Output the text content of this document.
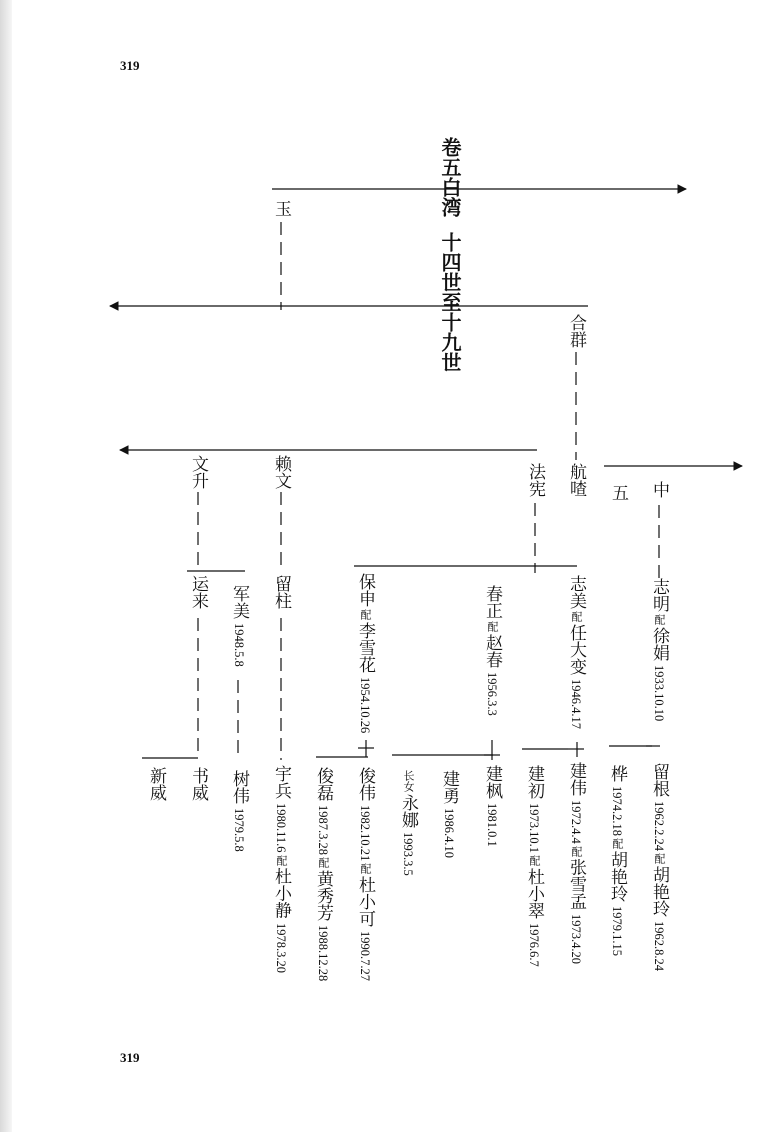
319
319
卷五白湾
十四世至十九世
玉
合群
航喳
法宪
赖文
文升
五 中
志明配徐娟1933.10.10
志美配任大变1946.4.17
春正配赵春1956.3.3
保申配李雪花1954.10.26
留柱
军美1948.5.8
运来
留根1962.2.24配胡艳玲1962.8.24
桦1974.2.18配胡艳玲1979.1.15
建伟1972.4.4配张雪孟1973.4.20
建初1973.10.1配杜小翠1976.6.7
建枫1981.0.1
建勇1986.4.10
长女永娜1993.3.5
俊伟1982.10.21配杜小可1990.7.27
俊磊1987.3.28配黄秀芳1988.12.28
宇兵1980.11.6配杜小静1978.3.20
树伟1979.5.8
书威
新威
